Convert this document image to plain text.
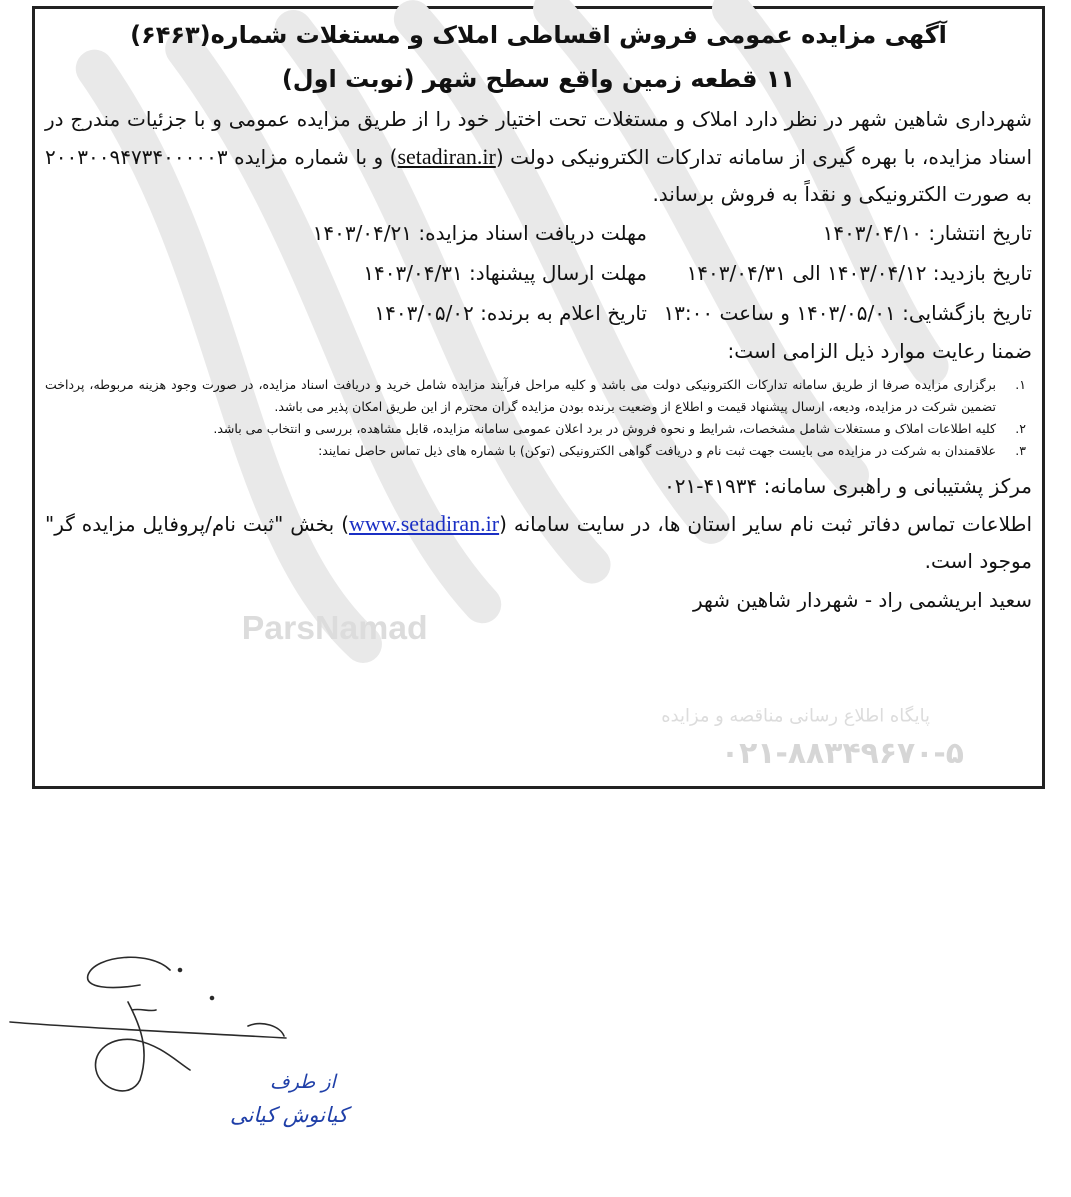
ParsNamad
پایگاه اطلاع رسانی مناقصه و مزایده
۰۲۱-۸۸۳۴۹۶۷۰-۵
آگهی مزایده عمومی فروش اقساطی املاک و مستغلات شماره(۶۴۶۳)
۱۱ قطعه زمین واقع سطح شهر (نوبت اول)

شهرداری شاهین شهر در نظر دارد املاک و مستغلات تحت اختیار خود را از طریق مزایده عمومی و با جزئیات مندرج در اسناد مزایده، با بهره گیری از سامانه تدارکات الکترونیکی دولت (setadiran.ir) و با شماره مزایده ۲۰۰۳۰۰۹۴۷۳۴۰۰۰۰۰۳ به صورت الکترونیکی و نقداً به فروش برساند.

تاریخ انتشار: ۱۴۰۳/۰۴/۱۰
مهلت دریافت اسناد مزایده: ۱۴۰۳/۰۴/۲۱
تاریخ بازدید: ۱۴۰۳/۰۴/۱۲ الی ۱۴۰۳/۰۴/۳۱
مهلت ارسال پیشنهاد: ۱۴۰۳/۰۴/۳۱
تاریخ بازگشایی: ۱۴۰۳/۰۵/۰۱ و ساعت ۱۳:۰۰
تاریخ اعلام به برنده: ۱۴۰۳/۰۵/۰۲
ضمنا رعایت موارد ذیل الزامی است:
۱.
برگزاری مزایده صرفا از طریق سامانه تدارکات الکترونیکی دولت می باشد و کلیه مراحل فرآیند مزایده شامل خرید و دریافت اسناد مزایده، در صورت وجود هزینه مربوطه، پرداخت تضمین شرکت در مزایده، ودیعه، ارسال پیشنهاد قیمت و اطلاع از وضعیت برنده بودن مزایده گران محترم از این طریق امکان پذیر می باشد.
۲.
کلیه اطلاعات املاک و مستغلات شامل مشخصات، شرایط و نحوه فروش در برد اعلان عمومی سامانه مزایده، قابل مشاهده، بررسی و انتخاب می باشد.
۳.
علاقمندان به شرکت در مزایده می بایست جهت ثبت نام و دریافت گواهی الکترونیکی (توکن) با شماره های ذیل تماس حاصل نمایند:
مرکز پشتیبانی و راهبری سامانه: ۴۱۹۳۴-۰۲۱

اطلاعات تماس دفاتر ثبت نام سایر استان ها، در سایت سامانه (www.setadiran.ir) بخش "ثبت نام/پروفایل مزایده گر" موجود است.

سعید ابریشمی راد - شهردار شاهین شهر
از طرف
کیانوش کیانی
